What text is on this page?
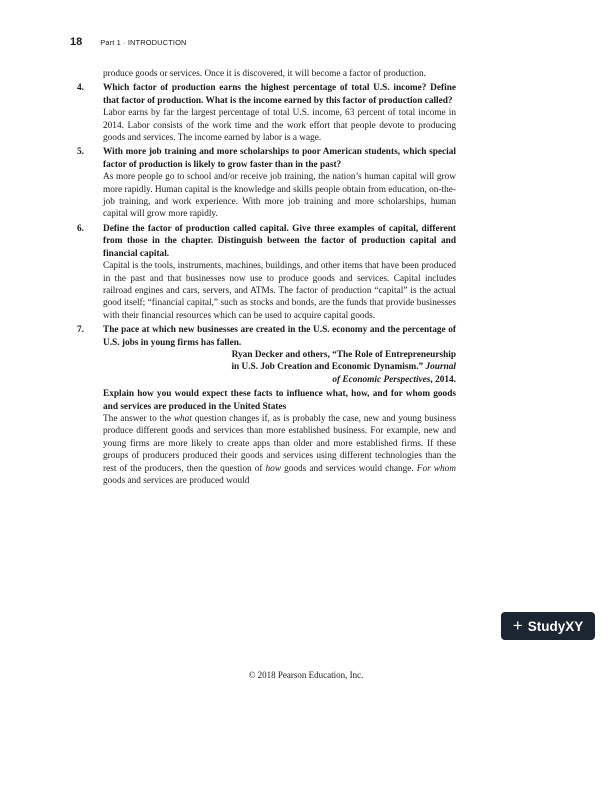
18 Part 1 · INTRODUCTION

produce goods or services. Once it is discovered, it will become a factor of production.

4. Which factor of production earns the highest percentage of total U.S. income? Define that factor of production. What is the income earned by this factor of production called?

Labor earns by far the largest percentage of total U.S. income, 63 percent of total income in 2014. Labor consists of the work time and the work effort that people devote to producing goods and services. The income earned by labor is a wage.

5. With more job training and more scholarships to poor American students, which special factor of production is likely to grow faster than in the past?

As more people go to school and/or receive job training, the nation’s human capital will grow more rapidly. Human capital is the knowledge and skills people obtain from education, on-the-job training, and work experience. With more job training and more scholarships, human capital will grow more rapidly.

6. Define the factor of production called capital. Give three examples of capital, different from those in the chapter. Distinguish between the factor of production capital and financial capital.

Capital is the tools, instruments, machines, buildings, and other items that have been produced in the past and that businesses now use to produce goods and services. Capital includes railroad engines and cars, servers, and ATMs. The factor of production “capital” is the actual good itself; “financial capital,” such as stocks and bonds, are the funds that provide businesses with their financial resources which can be used to acquire capital goods.

7. The pace at which new businesses are created in the U.S. economy and the percentage of U.S. jobs in young firms has fallen.

Ryan Decker and others, “The Role of Entrepreneurship

in U.S. Job Creation and Economic Dynamism.” Journal

of Economic Perspectives, 2014.

Explain how you would expect these facts to influence what, how, and for whom goods and services are produced in the United States

The answer to the what question changes if, as is probably the case, new and young business produce different goods and services than more established business. For example, new and young firms are more likely to create apps than older and more established firms. If these groups of producers produced their goods and services using different technologies than the rest of the producers, then the question of how goods and services would change. For whom goods and services are produced would

© 2018 Pearson Education, Inc.
+ Study XY
